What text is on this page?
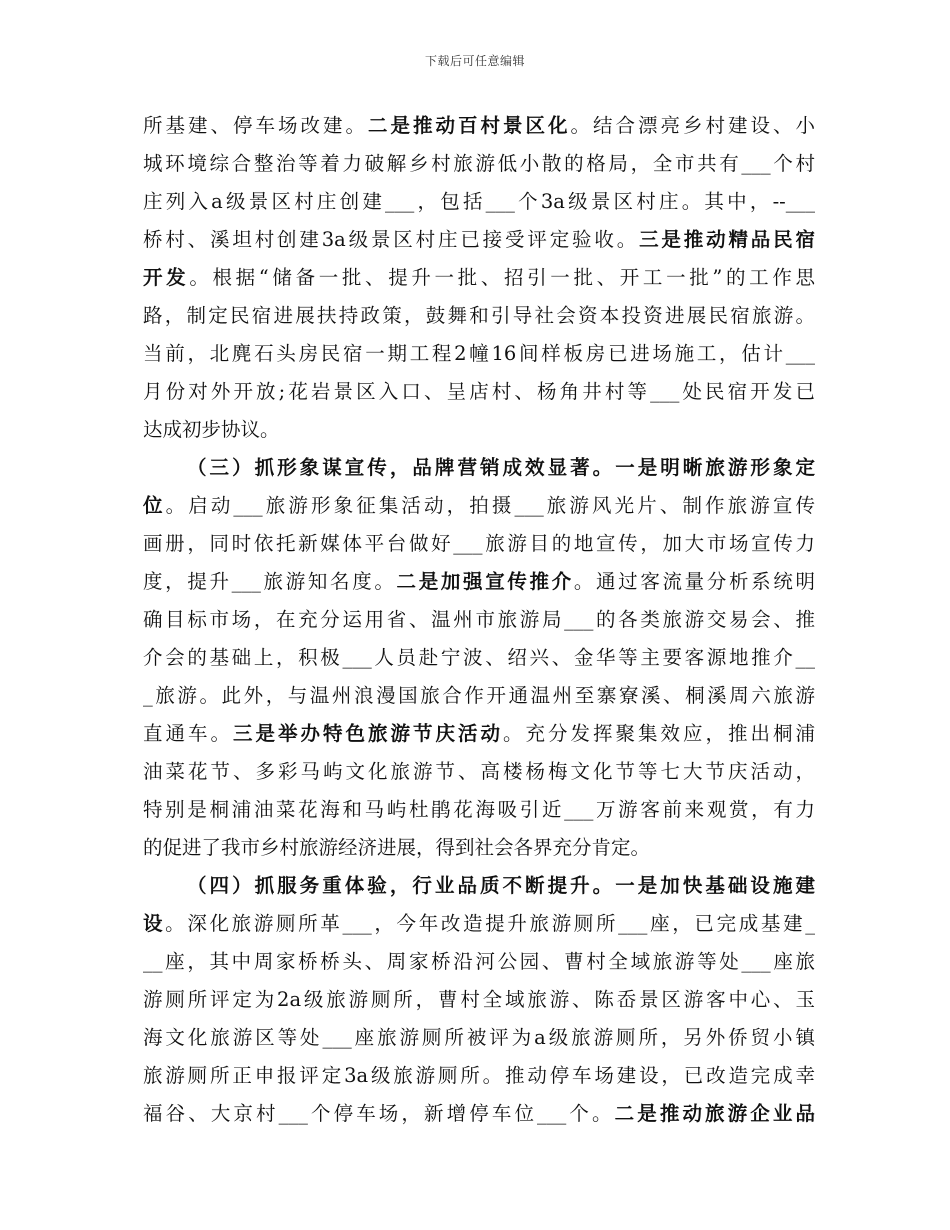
下载后可任意编辑
所基建、停车场改建。二是推动百村景区化。结合漂亮乡村建设、小
城环境综合整治等着力破解乡村旅游低小散的格局，全市共有___个村
庄列入a级景区村庄创建___，包括___个3a级景区村庄。其中，--___
桥村、溪坦村创建3a级景区村庄已接受评定验收。三是推动精品民宿
开发。根据“储备一批、提升一批、招引一批、开工一批”的工作思
路，制定民宿进展扶持政策，鼓舞和引导社会资本投资进展民宿旅游。
当前，北麂石头房民宿一期工程2幢16间样板房已进场施工，估计___
月份对外开放;花岩景区入口、呈店村、杨角井村等___处民宿开发已
达成初步协议。
（三）抓形象谋宣传，品牌营销成效显著。一是明晰旅游形象定
位。启动___旅游形象征集活动，拍摄___旅游风光片、制作旅游宣传
画册，同时依托新媒体平台做好___旅游目的地宣传，加大市场宣传力
度，提升___旅游知名度。二是加强宣传推介。通过客流量分析系统明
确目标市场，在充分运用省、温州市旅游局___的各类旅游交易会、推
介会的基础上，积极___人员赴宁波、绍兴、金华等主要客源地推介__
_旅游。此外，与温州浪漫国旅合作开通温州至寨寮溪、桐溪周六旅游
直通车。三是举办特色旅游节庆活动。充分发挥聚集效应，推出桐浦
油菜花节、多彩马屿文化旅游节、高楼杨梅文化节等七大节庆活动，
特别是桐浦油菜花海和马屿杜鹃花海吸引近___万游客前来观赏，有力
的促进了我市乡村旅游经济进展，得到社会各界充分肯定。
（四）抓服务重体验，行业品质不断提升。一是加快基础设施建
设。深化旅游厕所革___，今年改造提升旅游厕所___座，已完成基建_
__座，其中周家桥桥头、周家桥沿河公园、曹村全域旅游等处___座旅
游厕所评定为2a级旅游厕所，曹村全域旅游、陈岙景区游客中心、玉
海文化旅游区等处___座旅游厕所被评为a级旅游厕所，另外侨贸小镇
旅游厕所正申报评定3a级旅游厕所。推动停车场建设，已改造完成幸
福谷、大京村___个停车场，新增停车位___个。二是推动旅游企业品
